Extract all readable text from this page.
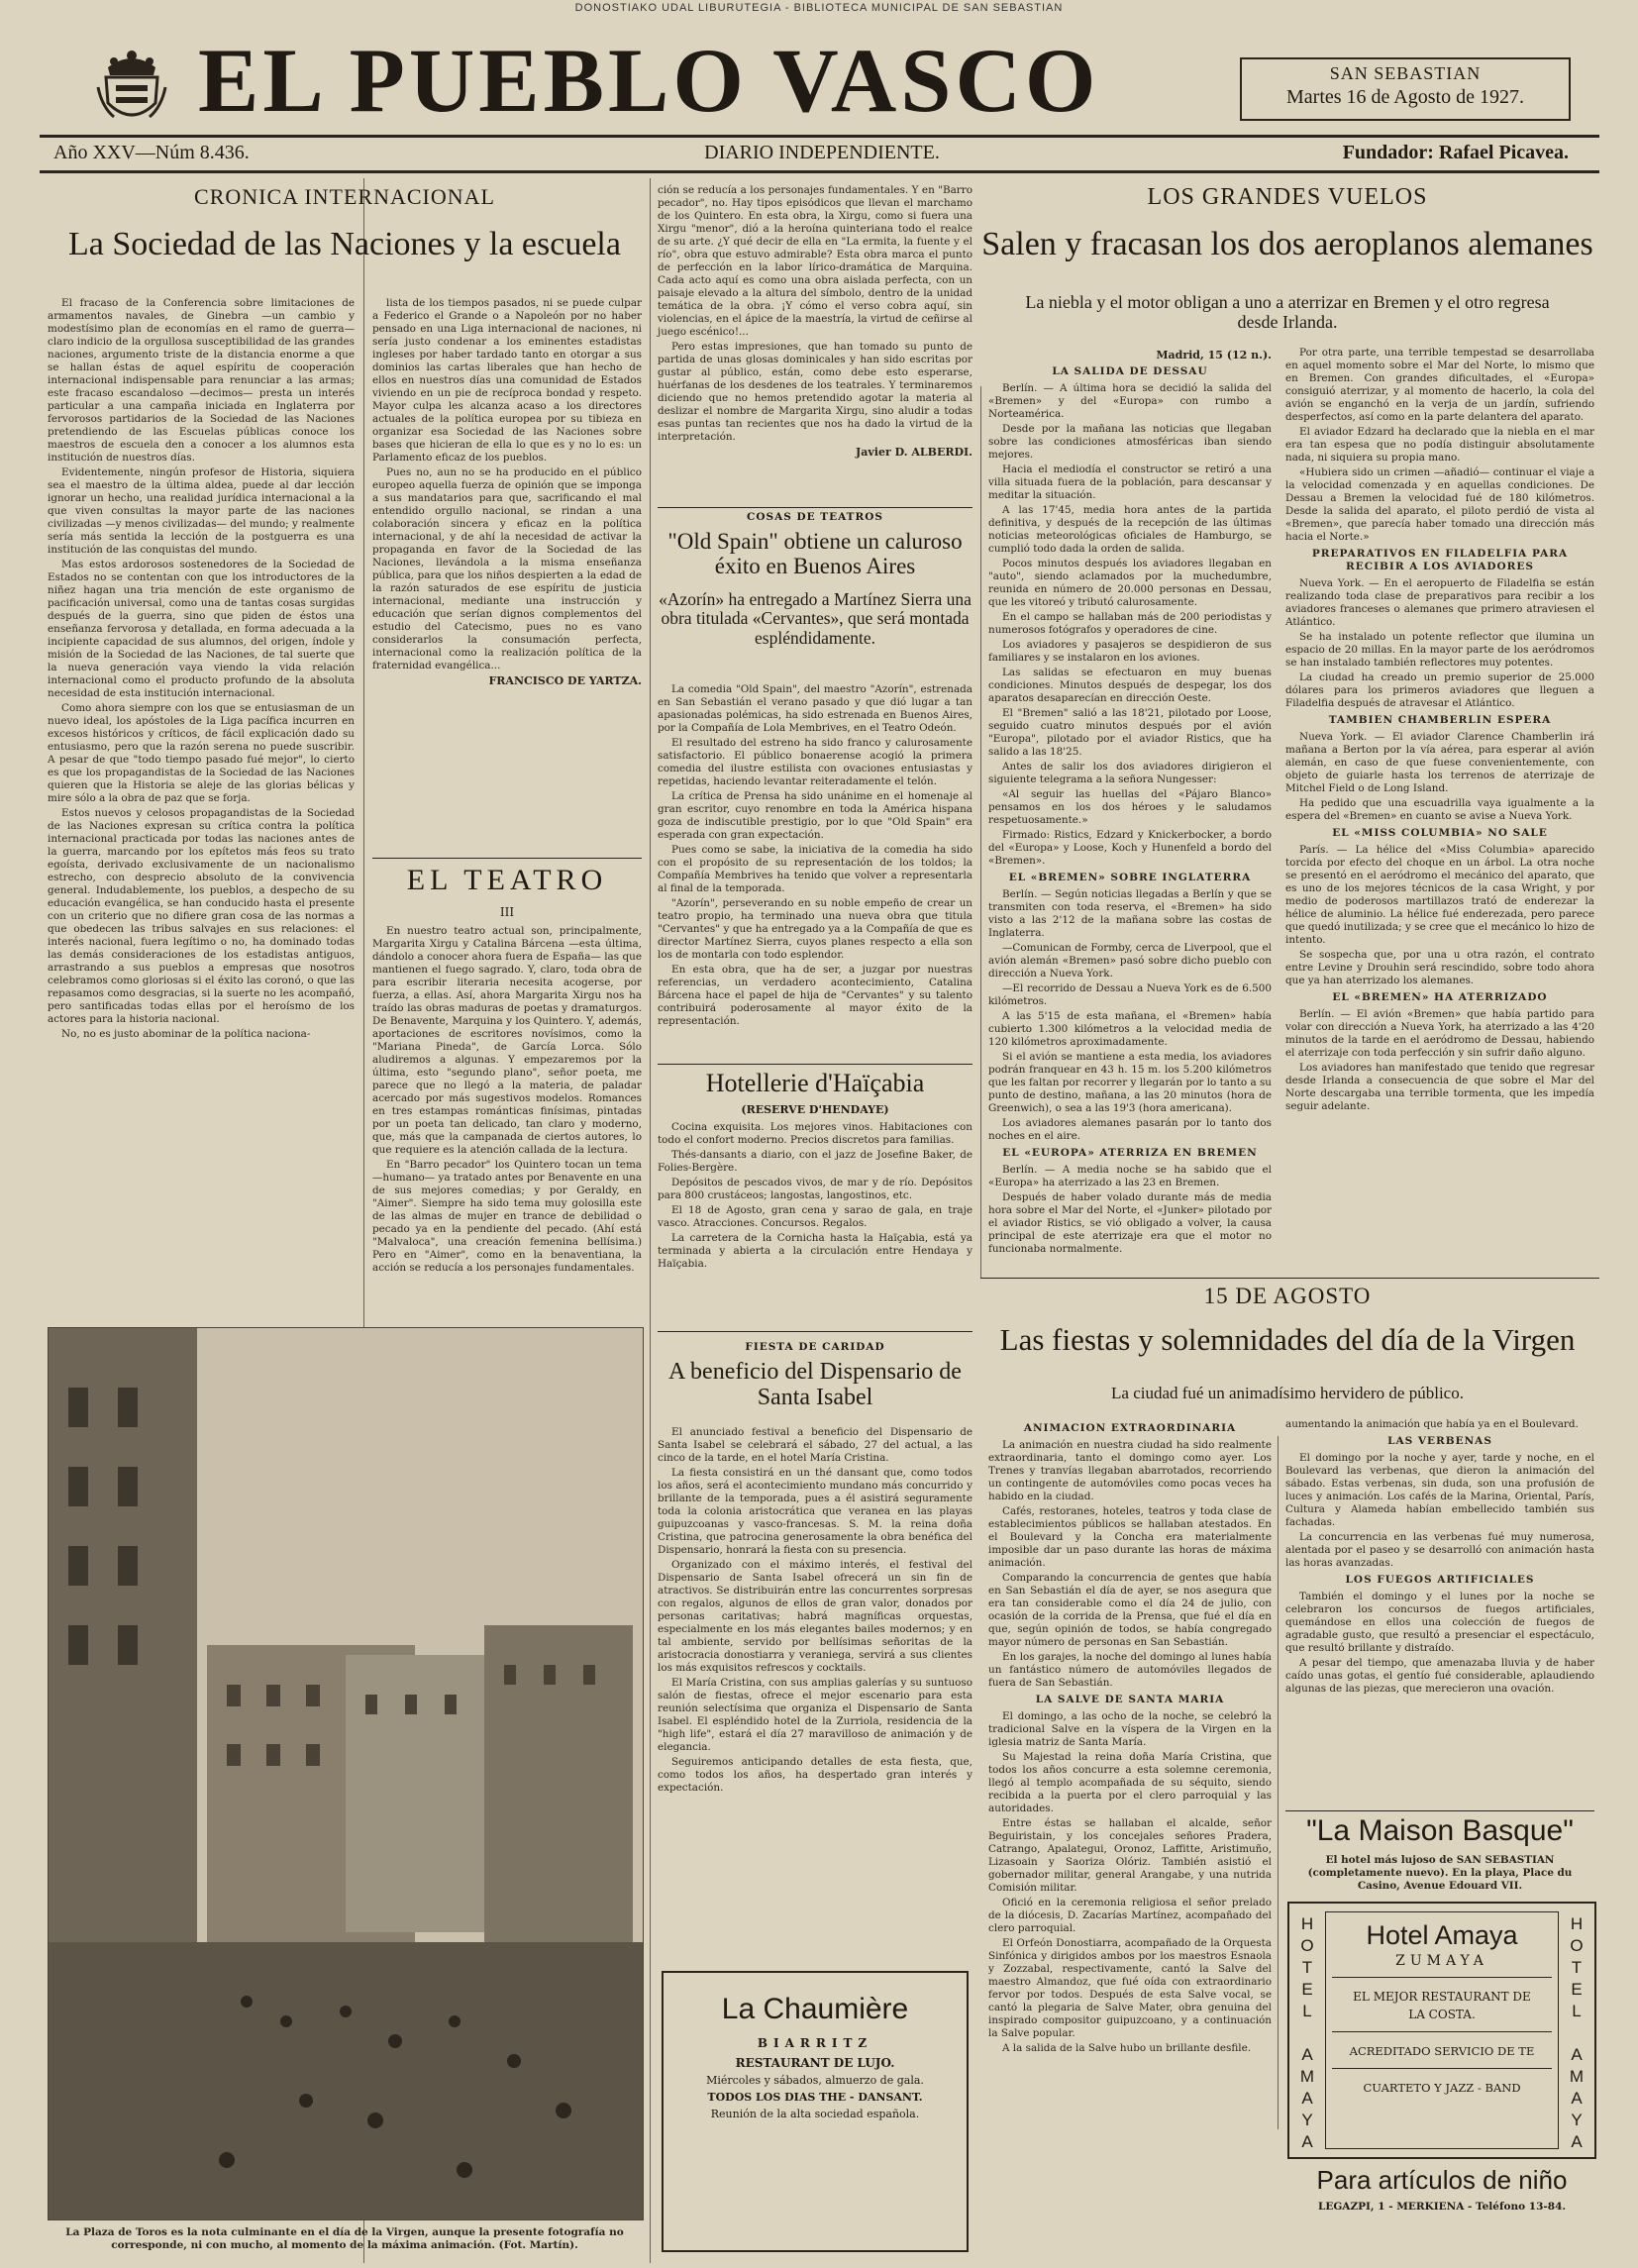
DONOSTIAKO UDAL LIBURUTEGIA - BIBLIOTECA MUNICIPAL DE SAN SEBASTIAN
EL PUEBLO VASCO	SAN SEBASTIAN
Martes 16 de Agosto de 1927.
Año XXV—Núm 8.436.	DIARIO INDEPENDIENTE.	Fundador: Rafael Picavea.
CRONICA INTERNACIONAL
La Sociedad de las Naciones y la escuela

El fracaso de la Conferencia sobre limitaciones de armamentos navales, de Ginebra —un cambio y modestísimo plan de economías en el ramo de guerra— claro indicio de la orgullosa susceptibilidad de las grandes naciones, argumento triste de la distancia enorme a que se hallan éstas de aquel espíritu de cooperación internacional indispensable para renunciar a las armas; este fracaso escandaloso —decimos— presta un interés particular a una campaña iniciada en Inglaterra por fervorosos partidarios de la Sociedad de las Naciones pretendiendo de las Escuelas públicas conoce los maestros de escuela den a conocer a los alumnos esta institución de nuestros días.

Evidentemente, ningún profesor de Historia, siquiera sea el maestro de la última aldea, puede al dar lección ignorar un hecho, una realidad jurídica internacional a la que viven consultas la mayor parte de las naciones civilizadas —y menos civilizadas— del mundo; y realmente sería más sentida la lección de la postguerra es una institución de las conquistas del mundo.

Mas estos ardorosos sostenedores de la Sociedad de Estados no se contentan con que los introductores de la niñez hagan una tria mención de este organismo de pacificación universal, como una de tantas cosas surgidas después de la guerra, sino que piden de éstos una enseñanza fervorosa y detallada, en forma adecuada a la incipiente capacidad de sus alumnos, del origen, índole y misión de la Sociedad de las Naciones, de tal suerte que la nueva generación vaya viendo la vida relación internacional como el producto profundo de la absoluta necesidad de esta institución internacional.

Como ahora siempre con los que se entusiasman de un nuevo ideal, los apóstoles de la Liga pacífica incurren en excesos históricos y críticos, de fácil explicación dado su entusiasmo, pero que la razón serena no puede suscribir. A pesar de que "todo tiempo pasado fué mejor", lo cierto es que los propagandistas de la Sociedad de las Naciones quieren que la Historia se aleje de las glorias bélicas y mire sólo a la obra de paz que se forja.

Estos nuevos y celosos propagandistas de la Sociedad de las Naciones expresan su crítica contra la política internacional practicada por todas las naciones antes de la guerra, marcando por los epítetos más feos su trato egoísta, derivado exclusivamente de un nacionalismo estrecho, con desprecio absoluto de la convivencia general. Indudablemente, los pueblos, a despecho de su educación evangélica, se han conducido hasta el presente con un criterio que no difiere gran cosa de las normas a que obedecen las tribus salvajes en sus relaciones: el interés nacional, fuera legítimo o no, ha dominado todas las demás consideraciones de los estadistas antiguos, arrastrando a sus pueblos a empresas que nosotros celebramos como gloriosas si el éxito las coronó, o que las repasamos como desgracias, si la suerte no les acompañó, pero santificadas todas ellas por el heroísmo de los actores para la historia nacional.

No, no es justo abominar de la política naciona-

lista de los tiempos pasados, ni se puede culpar a Federico el Grande o a Napoleón por no haber pensado en una Liga internacional de naciones, ni sería justo condenar a los eminentes estadistas ingleses por haber tardado tanto en otorgar a sus dominios las cartas liberales que han hecho de ellos en nuestros días una comunidad de Estados viviendo en un pie de recíproca bondad y respeto. Mayor culpa les alcanza acaso a los directores actuales de la política europea por su tibieza en organizar esa Sociedad de las Naciones sobre bases que hicieran de ella lo que es y no lo es: un Parlamento eficaz de los pueblos.

Pues no, aun no se ha producido en el público europeo aquella fuerza de opinión que se imponga a sus mandatarios para que, sacrificando el mal entendido orgullo nacional, se rindan a una colaboración sincera y eficaz en la política internacional, y de ahí la necesidad de activar la propaganda en favor de la Sociedad de las Naciones, llevándola a la misma enseñanza pública, para que los niños despierten a la edad de la razón saturados de ese espíritu de justicia internacional, mediante una instrucción y educación que serían dignos complementos del estudio del Catecismo, pues no es vano considerarlos la consumación perfecta, internacional como la realización política de la fraternidad evangélica...

FRANCISCO DE YARTZA.
EL TEATRO
III

En nuestro teatro actual son, principalmente, Margarita Xirgu y Catalina Bárcena —esta última, dándolo a conocer ahora fuera de España— las que mantienen el fuego sagrado. Y, claro, toda obra de para escribir literaria necesita acogerse, por fuerza, a ellas. Así, ahora Margarita Xirgu nos ha traído las obras maduras de poetas y dramaturgos. De Benavente, Marquina y los Quintero. Y, además, aportaciones de escritores novísimos, como la "Mariana Pineda", de García Lorca. Sólo aludiremos a algunas. Y empezaremos por la última, esto "segundo plano", señor poeta, me parece que no llegó a la materia, de paladar acercado por más sugestivos modelos. Romances en tres estampas románticas finísimas, pintadas por un poeta tan delicado, tan claro y moderno, que, más que la campanada de ciertos autores, lo que requiere es la atención callada de la lectura.

En "Barro pecador" los Quintero tocan un tema —humano— ya tratado antes por Benavente en una de sus mejores comedias; y por Geraldy, en "Aimer". Siempre ha sido tema muy golosilla este de las almas de mujer en trance de debilidad o pecado ya en la pendiente del pecado. (Ahí está "Malvaloca", una creación femenina bellísima.) Pero en "Aimer", como en la benaventiana, la acción se reducía a los personajes fundamentales.

La Plaza de Toros es la nota culminante en el día de la Virgen, aunque la presente fotografía no corresponde, ni con mucho, al momento de la máxima animación. (Fot. Martín).

ción se reducía a los personajes fundamentales. Y en "Barro pecador", no. Hay tipos episódicos que llevan el marchamo de los Quintero. En esta obra, la Xirgu, como si fuera una Xirgu "menor", dió a la heroína quinteriana todo el realce de su arte. ¿Y qué decir de ella en "La ermita, la fuente y el río", obra que estuvo admirable? Esta obra marca el punto de perfección en la labor lírico-dramática de Marquina. Cada acto aquí es como una obra aislada perfecta, con un paisaje elevado a la altura del símbolo, dentro de la unidad temática de la obra. ¡Y cómo el verso cobra aquí, sin violencias, en el ápice de la maestría, la virtud de ceñirse al juego escénico!...

Pero estas impresiones, que han tomado su punto de partida de unas glosas dominicales y han sido escritas por gustar al público, están, como debe esto esperarse, huérfanas de los desdenes de los teatrales. Y terminaremos diciendo que no hemos pretendido agotar la materia al deslizar el nombre de Margarita Xirgu, sino aludir a todas esas puntas tan recientes que nos ha dado la virtud de la interpretación.

Javier D. ALBERDI.
COSAS DE TEATROS
"Old Spain" obtiene un caluroso éxito en Buenos Aires
«Azorín» ha entregado a Martínez Sierra una obra titulada «Cervantes», que será montada espléndidamente.

La comedia "Old Spain", del maestro "Azorín", estrenada en San Sebastián el verano pasado y que dió lugar a tan apasionadas polémicas, ha sido estrenada en Buenos Aires, por la Compañía de Lola Membrives, en el Teatro Odeón.

El resultado del estreno ha sido franco y calurosamente satisfactorio. El público bonaerense acogió la primera comedia del ilustre estilista con ovaciones entusiastas y repetidas, haciendo levantar reiteradamente el telón.

La crítica de Prensa ha sido unánime en el homenaje al gran escritor, cuyo renombre en toda la América hispana goza de indiscutible prestigio, por lo que "Old Spain" era esperada con gran expectación.

Pues como se sabe, la iniciativa de la comedia ha sido con el propósito de su representación de los toldos; la Compañía Membrives ha tenido que volver a representarla al final de la temporada.

"Azorín", perseverando en su noble empeño de crear un teatro propio, ha terminado una nueva obra que titula "Cervantes" y que ha entregado ya a la Compañía de que es director Martínez Sierra, cuyos planes respecto a ella son los de montarla con todo esplendor.

En esta obra, que ha de ser, a juzgar por nuestras referencias, un verdadero acontecimiento, Catalina Bárcena hace el papel de hija de "Cervantes" y su talento contribuirá poderosamente al mayor éxito de la representación.

Hotellerie d'Haïçabia
(RESERVE D'HENDAYE)

Cocina exquisita. Los mejores vinos. Habitaciones con todo el confort moderno. Precios discretos para familias.

Thés-dansants a diario, con el jazz de Josefine Baker, de Folies-Bergère.

Depósitos de pescados vivos, de mar y de río. Depósitos para 800 crustáceos; langostas, langostinos, etc.

El 18 de Agosto, gran cena y sarao de gala, en traje vasco. Atracciones. Concursos. Regalos.

La carretera de la Cornicha hasta la Haïçabia, está ya terminada y abierta a la circulación entre Hendaya y Haïçabia.

FIESTA DE CARIDAD
A beneficio del Dispensario de Santa Isabel

El anunciado festival a beneficio del Dispensario de Santa Isabel se celebrará el sábado, 27 del actual, a las cinco de la tarde, en el hotel María Cristina.

La fiesta consistirá en un thé dansant que, como todos los años, será el acontecimiento mundano más concurrido y brillante de la temporada, pues a él asistirá seguramente toda la colonia aristocrática que veranea en las playas guipuzcoanas y vasco-francesas. S. M. la reina doña Cristina, que patrocina generosamente la obra benéfica del Dispensario, honrará la fiesta con su presencia.

Organizado con el máximo interés, el festival del Dispensario de Santa Isabel ofrecerá un sin fin de atractivos. Se distribuirán entre las concurrentes sorpresas con regalos, algunos de ellos de gran valor, donados por personas caritativas; habrá magníficas orquestas, especialmente en los más elegantes bailes modernos; y en tal ambiente, servido por bellísimas señoritas de la aristocracia donostiarra y veraniega, servirá a sus clientes los más exquisitos refrescos y cocktails.

El María Cristina, con sus amplias galerías y su suntuoso salón de fiestas, ofrece el mejor escenario para esta reunión selectísima que organiza el Dispensario de Santa Isabel. El espléndido hotel de la Zurriola, residencia de la "high life", estará el día 27 maravilloso de animación y de elegancia.

Seguiremos anticipando detalles de esta fiesta, que, como todos los años, ha despertado gran interés y expectación.

La Chaumière
BIARRITZ
RESTAURANT DE LUJO.
Miércoles y sábados, almuerzo de gala.
TODOS LOS DIAS THE - DANSANT.
Reunión de la alta sociedad española.
LOS GRANDES VUELOS
Salen y fracasan los dos aeroplanos alemanes
La niebla y el motor obligan a uno a aterrizar en Bremen y el otro regresa desde Irlanda.
Madrid, 15 (12 n.).
LA SALIDA DE DESSAU

Berlín. — A última hora se decidió la salida del «Bremen» y del «Europa» con rumbo a Norteamérica.

Desde por la mañana las noticias que llegaban sobre las condiciones atmosféricas iban siendo mejores.

Hacia el mediodía el constructor se retiró a una villa situada fuera de la población, para descansar y meditar la situación.

A las 17'45, media hora antes de la partida definitiva, y después de la recepción de las últimas noticias meteorológicas oficiales de Hamburgo, se cumplió todo dada la orden de salida.

Pocos minutos después los aviadores llegaban en "auto", siendo aclamados por la muchedumbre, reunida en número de 20.000 personas en Dessau, que les vitoreó y tributó calurosamente.

En el campo se hallaban más de 200 periodistas y numerosos fotógrafos y operadores de cine.

Los aviadores y pasajeros se despidieron de sus familiares y se instalaron en los aviones.

Las salidas se efectuaron en muy buenas condiciones. Minutos después de despegar, los dos aparatos desaparecían en dirección Oeste.

El "Bremen" salió a las 18'21, pilotado por Loose, seguido cuatro minutos después por el avión "Europa", pilotado por el aviador Ristics, que ha salido a las 18'25.

Antes de salir los dos aviadores dirigieron el siguiente telegrama a la señora Nungesser:

«Al seguir las huellas del «Pájaro Blanco» pensamos en los dos héroes y le saludamos respetuosamente.»

Firmado: Ristics, Edzard y Knickerbocker, a bordo del «Europa» y Loose, Koch y Hunenfeld a bordo del «Bremen».

EL «BREMEN» SOBRE INGLATERRA

Berlín. — Según noticias llegadas a Berlín y que se transmiten con toda reserva, el «Bremen» ha sido visto a las 2'12 de la mañana sobre las costas de Inglaterra.

—Comunican de Formby, cerca de Liverpool, que el avión alemán «Bremen» pasó sobre dicho pueblo con dirección a Nueva York.

—El recorrido de Dessau a Nueva York es de 6.500 kilómetros.

A las 5'15 de esta mañana, el «Bremen» había cubierto 1.300 kilómetros a la velocidad media de 120 kilómetros aproximadamente.

Si el avión se mantiene a esta media, los aviadores podrán franquear en 43 h. 15 m. los 5.200 kilómetros que les faltan por recorrer y llegarán por lo tanto a su punto de destino, mañana, a las 20 minutos (hora de Greenwich), o sea a las 19'3 (hora americana).

Los aviadores alemanes pasarán por lo tanto dos noches en el aire.

EL «EUROPA» ATERRIZA EN BREMEN

Berlín. — A media noche se ha sabido que el «Europa» ha aterrizado a las 23 en Bremen.

Después de haber volado durante más de media hora sobre el Mar del Norte, el «Junker» pilotado por el aviador Ristics, se vió obligado a volver, la causa principal de este aterrizaje era que el motor no funcionaba normalmente.

Por otra parte, una terrible tempestad se desarrollaba en aquel momento sobre el Mar del Norte, lo mismo que en Bremen. Con grandes dificultades, el «Europa» consiguió aterrizar, y al momento de hacerlo, la cola del avión se enganchó en la verja de un jardín, sufriendo desperfectos, así como en la parte delantera del aparato.

El aviador Edzard ha declarado que la niebla en el mar era tan espesa que no podía distinguir absolutamente nada, ni siquiera su propia mano.

«Hubiera sido un crimen —añadió— continuar el viaje a la velocidad comenzada y en aquellas condiciones. De Dessau a Bremen la velocidad fué de 180 kilómetros. Desde la salida del aparato, el piloto perdió de vista al «Bremen», que parecía haber tomado una dirección más hacia el Norte.»

PREPARATIVOS EN FILADELFIA PARA RECIBIR A LOS AVIADORES

Nueva York. — En el aeropuerto de Filadelfia se están realizando toda clase de preparativos para recibir a los aviadores franceses o alemanes que primero atraviesen el Atlántico.

Se ha instalado un potente reflector que ilumina un espacio de 20 millas. En la mayor parte de los aeródromos se han instalado también reflectores muy potentes.

La ciudad ha creado un premio superior de 25.000 dólares para los primeros aviadores que lleguen a Filadelfia después de atravesar el Atlántico.

TAMBIEN CHAMBERLIN ESPERA

Nueva York. — El aviador Clarence Chamberlin irá mañana a Berton por la vía aérea, para esperar al avión alemán, en caso de que fuese convenientemente, con objeto de guiarle hasta los terrenos de aterrizaje de Mitchel Field o de Long Island.

Ha pedido que una escuadrilla vaya igualmente a la espera del «Bremen» en cuanto se avise a Nueva York.

EL «MISS COLUMBIA» NO SALE

París. — La hélice del «Miss Columbia» aparecido torcida por efecto del choque en un árbol. La otra noche se presentó en el aeródromo el mecánico del aparato, que es uno de los mejores técnicos de la casa Wright, y por medio de poderosos martillazos trató de enderezar la hélice de aluminio. La hélice fué enderezada, pero parece que quedó inutilizada; y se cree que el mecánico lo hizo de intento.

Se sospecha que, por una u otra razón, el contrato entre Levine y Drouhin será rescindido, sobre todo ahora que ya han aterrizado los alemanes.

EL «BREMEN» HA ATERRIZADO

Berlín. — El avión «Bremen» que había partido para volar con dirección a Nueva York, ha aterrizado a las 4'20 minutos de la tarde en el aeródromo de Dessau, habiendo el aterrizaje con toda perfección y sin sufrir daño alguno.

Los aviadores han manifestado que tenido que regresar desde Irlanda a consecuencia de que sobre el Mar del Norte descargaba una terrible tormenta, que les impedía seguir adelante.

15 DE AGOSTO
Las fiestas y solemnidades del día de la Virgen
La ciudad fué un animadísimo hervidero de público.
ANIMACION EXTRAORDINARIA

La animación en nuestra ciudad ha sido realmente extraordinaria, tanto el domingo como ayer. Los Trenes y tranvías llegaban abarrotados, recorriendo un contingente de automóviles como pocas veces ha habido en la ciudad.

Cafés, restoranes, hoteles, teatros y toda clase de establecimientos públicos se hallaban atestados. En el Boulevard y la Concha era materialmente imposible dar un paso durante las horas de máxima animación.

Comparando la concurrencia de gentes que había en San Sebastián el día de ayer, se nos asegura que era tan considerable como el día 24 de julio, con ocasión de la corrida de la Prensa, que fué el día en que, según opinión de todos, se había congregado mayor número de personas en San Sebastián.

En los garajes, la noche del domingo al lunes había un fantástico número de automóviles llegados de fuera de San Sebastián.

LA SALVE DE SANTA MARIA

El domingo, a las ocho de la noche, se celebró la tradicional Salve en la víspera de la Virgen en la iglesia matriz de Santa María.

Su Majestad la reina doña María Cristina, que todos los años concurre a esta solemne ceremonia, llegó al templo acompañada de su séquito, siendo recibida a la puerta por el clero parroquial y las autoridades.

Entre éstas se hallaban el alcalde, señor Beguiristain, y los concejales señores Pradera, Catrango, Apalategui, Oronoz, Laffitte, Aristimuño, Lizasoain y Saoriza Olóriz. También asistió el gobernador militar, general Arangabe, y una nutrida Comisión militar.

Ofició en la ceremonia religiosa el señor prelado de la diócesis, D. Zacarías Martínez, acompañado del clero parroquial.

El Orfeón Donostiarra, acompañado de la Orquesta Sinfónica y dirigidos ambos por los maestros Esnaola y Zozzabal, respectivamente, cantó la Salve del maestro Almandoz, que fué oída con extraordinario fervor por todos. Después de esta Salve vocal, se cantó la plegaria de Salve Mater, obra genuina del inspirado compositor guipuzcoano, y a continuación la Salve popular.

A la salida de la Salve hubo un brillante desfile.

aumentando la animación que había ya en el Boulevard.

LAS VERBENAS

El domingo por la noche y ayer, tarde y noche, en el Boulevard las verbenas, que dieron la animación del sábado. Estas verbenas, sin duda, son una profusión de luces y animación. Los cafés de la Marina, Oriental, París, Cultura y Alameda habían embellecido también sus fachadas.

La concurrencia en las verbenas fué muy numerosa, alentada por el paseo y se desarrolló con animación hasta las horas avanzadas.

LOS FUEGOS ARTIFICIALES

También el domingo y el lunes por la noche se celebraron los concursos de fuegos artificiales, quemándose en ellos una colección de fuegos de agradable gusto, que resultó a presenciar el espectáculo, que resultó brillante y distraído.

A pesar del tiempo, que amenazaba lluvia y de haber caído unas gotas, el gentío fué considerable, aplaudiendo algunas de las piezas, que merecieron una ovación.

"La Maison Basque"
El hotel más lujoso de SAN SEBASTIAN (completamente nuevo). En la playa, Place du Casino, Avenue Edouard VII.
H
O
T
E
L
A
M
A
Y
A
H
O
T
E
L
A
M
A
Y
A
Hotel Amaya
ZUMAYA
EL MEJOR RESTAURANT DE
LA COSTA.
ACREDITADO SERVICIO DE TE
CUARTETO Y JAZZ - BAND
Para artículos de niño
LEGAZPI, 1 - MERKIENA - Teléfono 13-84.
